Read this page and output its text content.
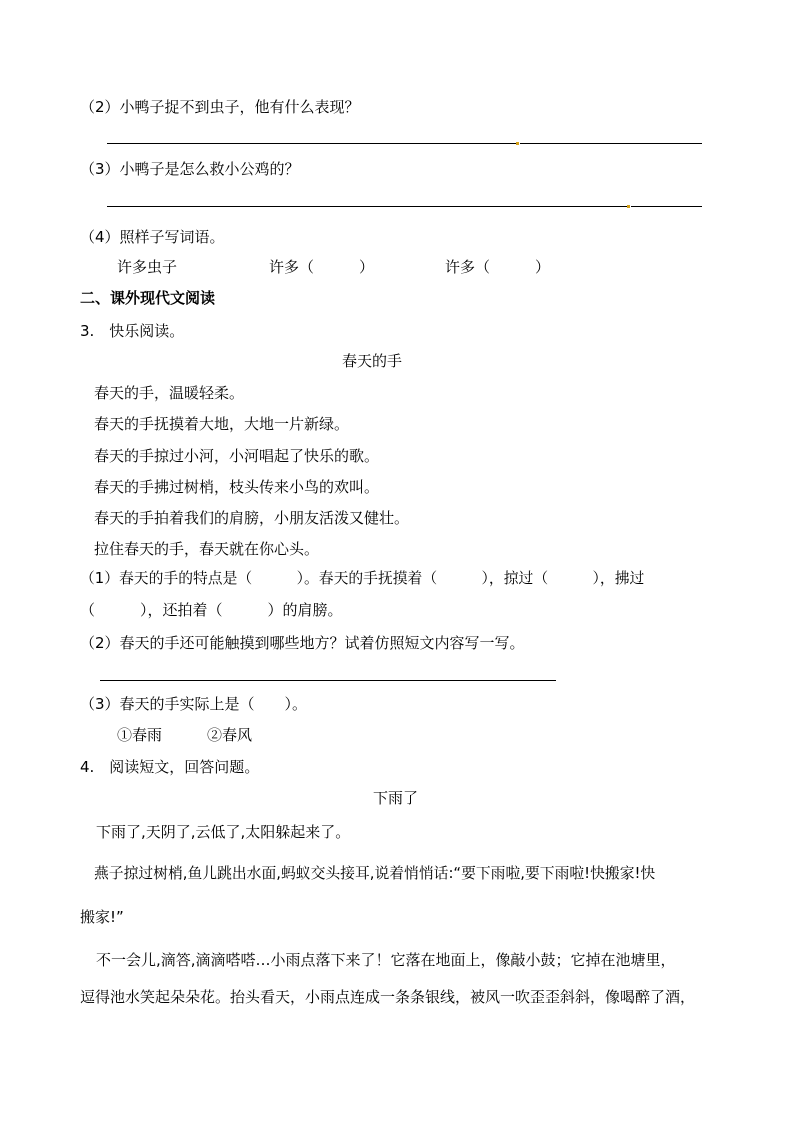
（2）小鸭子捉不到虫子，他有什么表现？
（3）小鸭子是怎么救小公鸡的？
（4）照样子写词语。
许多虫子	许多（　　　）	许多（　　　）
二、课外现代文阅读
3.　快乐阅读。
春天的手
春天的手，温暖轻柔。
春天的手抚摸着大地，大地一片新绿。
春天的手掠过小河，小河唱起了快乐的歌。
春天的手拂过树梢，枝头传来小鸟的欢叫。
春天的手拍着我们的肩膀，小朋友活泼又健壮。
拉住春天的手，春天就在你心头。
（1）春天的手的特点是（　　　）。春天的手抚摸着（　　　），掠过（　　　），拂过
（　　　），还拍着（　　　）的肩膀。
（2）春天的手还可能触摸到哪些地方？试着仿照短文内容写一写。
（3）春天的手实际上是（　　）。
①春雨　　　②春风
4.　阅读短文，回答问题。
下雨了
下雨了,天阴了,云低了,太阳躲起来了。
燕子掠过树梢,鱼儿跳出水面,蚂蚁交头接耳,说着悄悄话:“要下雨啦,要下雨啦!快搬家!快
搬家!”
不一会儿,滴答,滴滴嗒嗒…小雨点落下来了！它落在地面上，像敲小鼓；它掉在池塘里，
逗得池水笑起朵朵花。抬头看天，小雨点连成一条条银线，被风一吹歪歪斜斜，像喝醉了酒，
